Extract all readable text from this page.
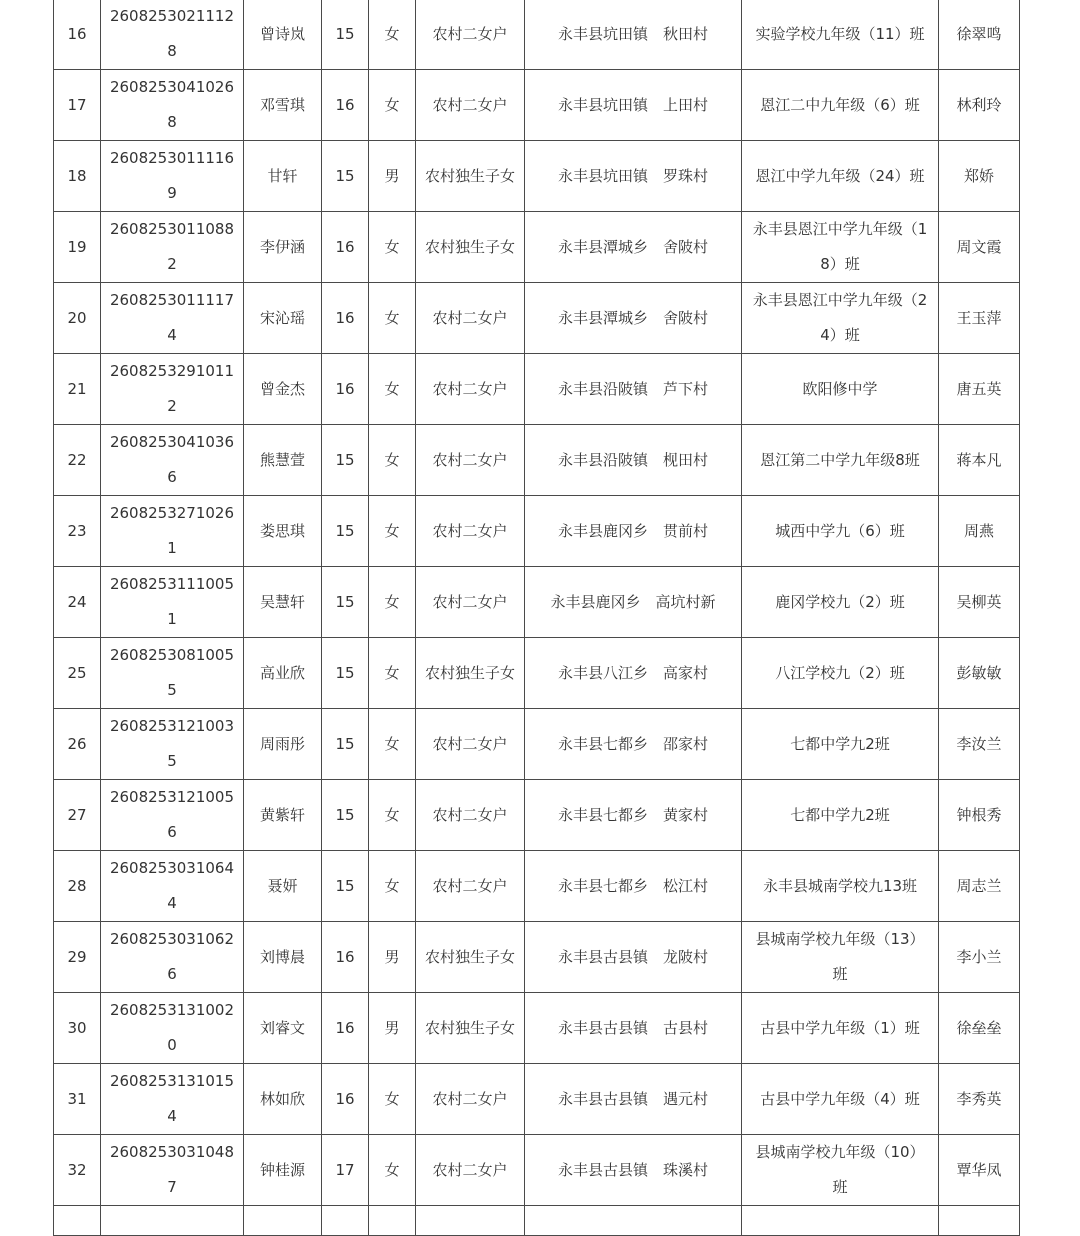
16	26082530211128	曾诗岚	15	女	农村二女户	永丰县坑田镇　秋田村	实验学校九年级（11）班	徐翠鸣
17	26082530410268	邓雪琪	16	女	农村二女户	永丰县坑田镇　上田村	恩江二中九年级（6）班	林利玲
18	26082530111169	甘轩	15	男	农村独生子女	永丰县坑田镇　罗珠村	恩江中学九年级（24）班	郑娇
19	26082530110882	李伊涵	16	女	农村独生子女	永丰县潭城乡　舍陂村	永丰县恩江中学九年级（18）班	周文霞
20	26082530111174	宋沁瑶	16	女	农村二女户	永丰县潭城乡　舍陂村	永丰县恩江中学九年级（24）班	王玉萍
21	26082532910112	曾金杰	16	女	农村二女户	永丰县沿陂镇　芦下村	欧阳修中学	唐五英
22	26082530410366	熊慧萱	15	女	农村二女户	永丰县沿陂镇　枧田村	恩江第二中学九年级8班	蒋本凡
23	26082532710261	娄思琪	15	女	农村二女户	永丰县鹿冈乡　贯前村	城西中学九（6）班	周燕
24	26082531110051	吴慧轩	15	女	农村二女户	永丰县鹿冈乡　高坑村新	鹿冈学校九（2）班	吴柳英
25	26082530810055	高业欣	15	女	农村独生子女	永丰县八江乡　高家村	八江学校九（2）班	彭敏敏
26	26082531210035	周雨彤	15	女	农村二女户	永丰县七都乡　邵家村	七都中学九2班	李汝兰
27	26082531210056	黄紫轩	15	女	农村二女户	永丰县七都乡　黄家村	七都中学九2班	钟根秀
28	26082530310644	聂妍	15	女	农村二女户	永丰县七都乡　松江村	永丰县城南学校九13班	周志兰
29	26082530310626	刘博晨	16	男	农村独生子女	永丰县古县镇　龙陂村	县城南学校九年级（13）班	李小兰
30	26082531310020	刘睿文	16	男	农村独生子女	永丰县古县镇　古县村	古县中学九年级（1）班	徐垒垒
31	26082531310154	林如欣	16	女	农村二女户	永丰县古县镇　遇元村	古县中学九年级（4）班	李秀英
32	26082530310487	钟桂源	17	女	农村二女户	永丰县古县镇　珠溪村	县城南学校九年级（10）班	覃华凤
